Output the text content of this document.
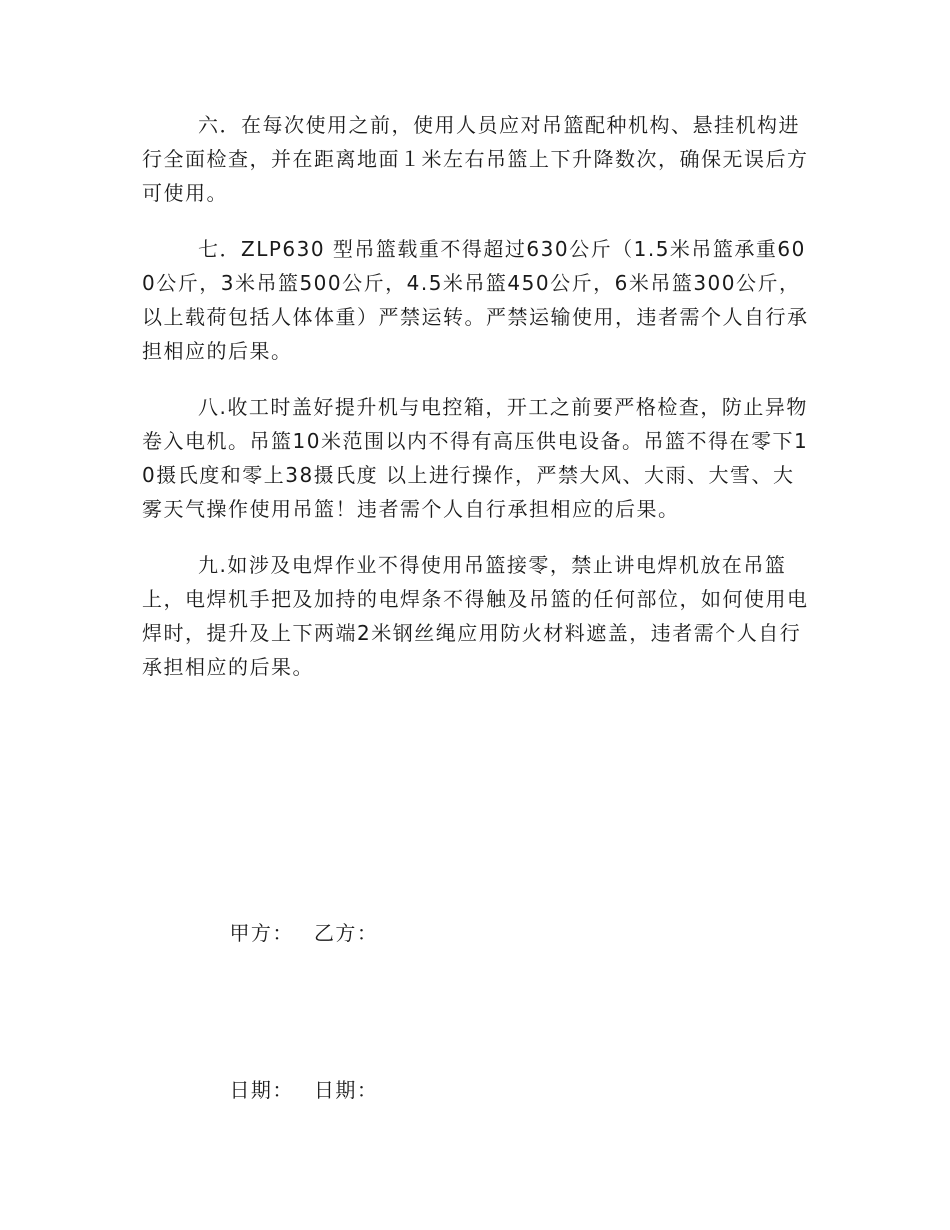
六．在每次使用之前，使用人员应对吊篮配种机构、悬挂机构进行全面检查，并在距离地面１米左右吊篮上下升降数次，确保无误后方可使用。

七．ZLP630 型吊篮载重不得超过630公斤（1.5米吊篮承重600公斤，3米吊篮500公斤，4.5米吊篮450公斤，6米吊篮300公斤，以上载荷包括人体体重）严禁运转。严禁运输使用，违者需个人自行承担相应的后果。

八.收工时盖好提升机与电控箱，开工之前要严格检查，防止异物卷入电机。吊篮10米范围以内不得有高压供电设备。吊篮不得在零下10摄氏度和零上38摄氏度 以上进行操作，严禁大风、大雨、大雪、大雾天气操作使用吊篮！违者需个人自行承担相应的后果。

九.如涉及电焊作业不得使用吊篮接零，禁止讲电焊机放在吊篮上，电焊机手把及加持的电焊条不得触及吊篮的任何部位，如何使用电焊时，提升及上下两端2米钢丝绳应用防火材料遮盖，违者需个人自行承担相应的后果。

甲方： 乙方：

日期： 日期：
